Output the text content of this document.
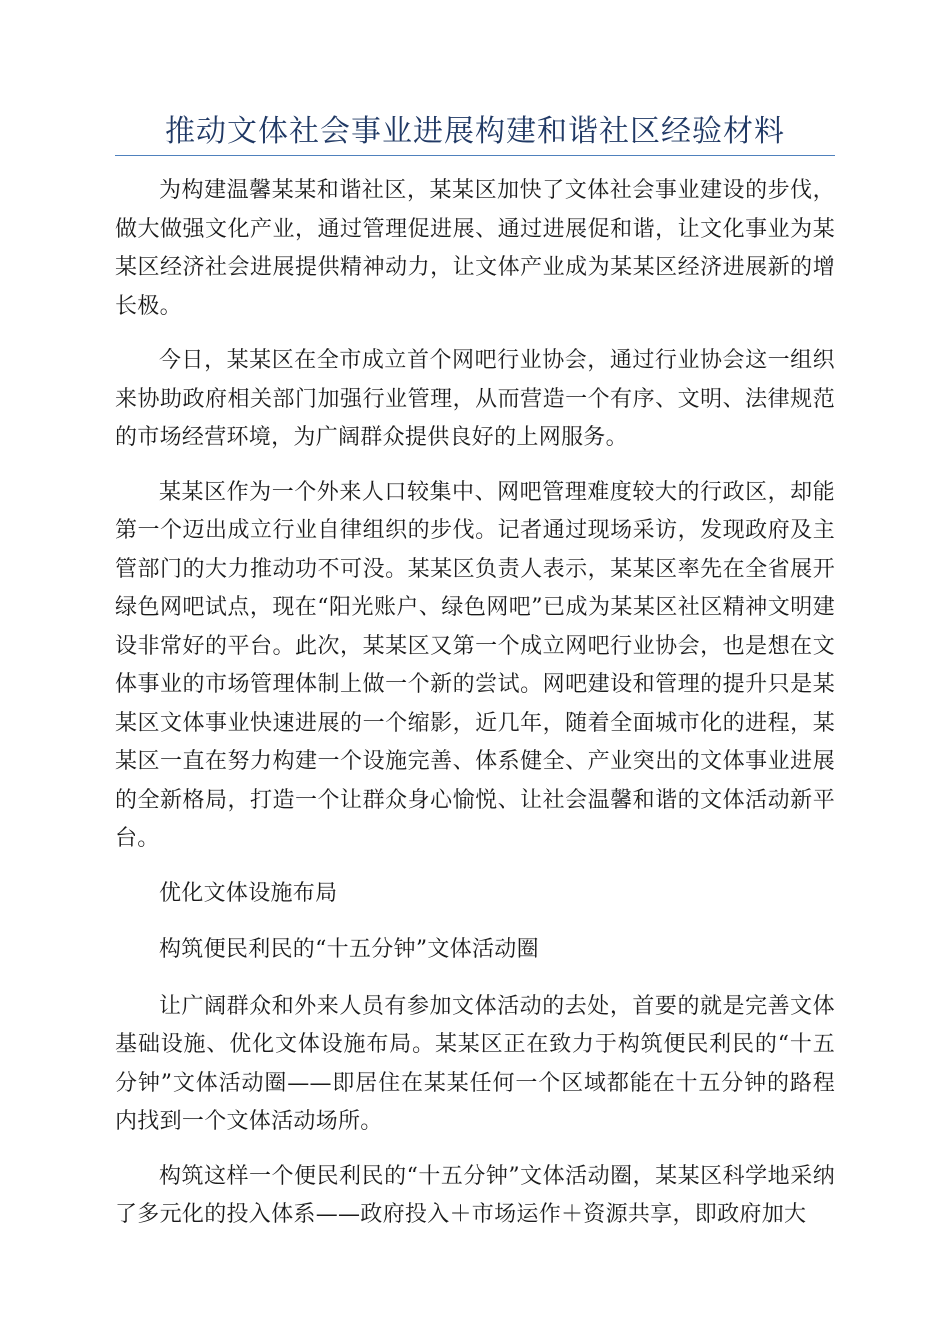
推动文体社会事业进展构建和谐社区经验材料

为构建温馨某某和谐社区，某某区加快了文体社会事业建设的步伐，做大做强文化产业，通过管理促进展、通过进展促和谐，让文化事业为某某区经济社会进展提供精神动力，让文体产业成为某某区经济进展新的增长极。

今日，某某区在全市成立首个网吧行业协会，通过行业协会这一组织来协助政府相关部门加强行业管理，从而营造一个有序、文明、法律规范的市场经营环境，为广阔群众提供良好的上网服务。

某某区作为一个外来人口较集中、网吧管理难度较大的行政区，却能第一个迈出成立行业自律组织的步伐。记者通过现场采访，发现政府及主管部门的大力推动功不可没。某某区负责人表示，某某区率先在全省展开绿色网吧试点，现在“阳光账户、绿色网吧”已成为某某区社区精神文明建设非常好的平台。此次，某某区又第一个成立网吧行业协会，也是想在文体事业的市场管理体制上做一个新的尝试。网吧建设和管理的提升只是某某区文体事业快速进展的一个缩影，近几年，随着全面城市化的进程，某某区一直在努力构建一个设施完善、体系健全、产业突出的文体事业进展的全新格局，打造一个让群众身心愉悦、让社会温馨和谐的文体活动新平台。

优化文体设施布局

构筑便民利民的“十五分钟”文体活动圈

让广阔群众和外来人员有参加文体活动的去处，首要的就是完善文体基础设施、优化文体设施布局。某某区正在致力于构筑便民利民的“十五分钟”文体活动圈——即居住在某某任何一个区域都能在十五分钟的路程内找到一个文体活动场所。

构筑这样一个便民利民的“十五分钟”文体活动圈，某某区科学地采纳了多元化的投入体系——政府投入＋市场运作＋资源共享，即政府加大
